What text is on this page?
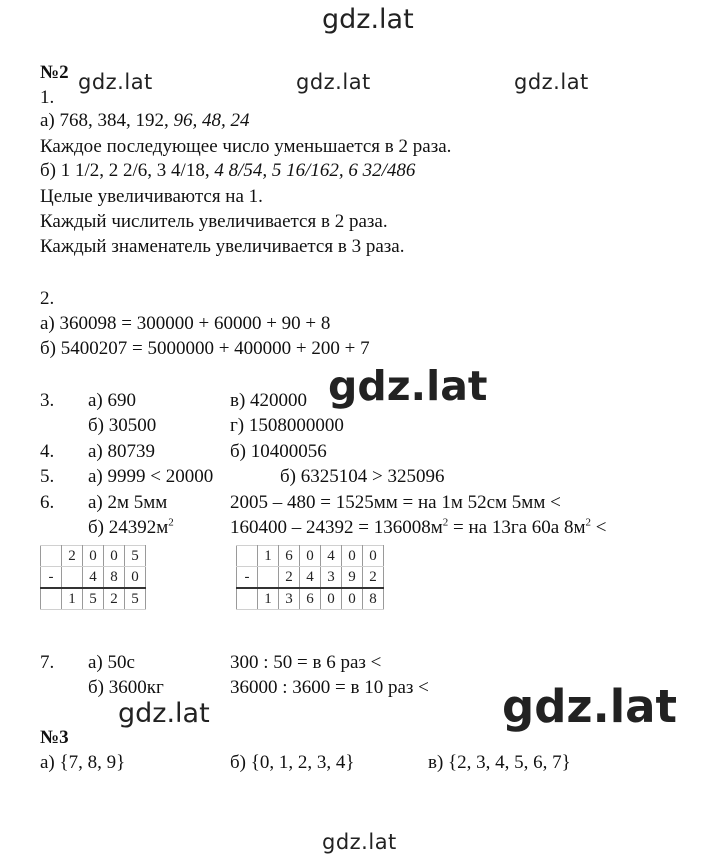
gdz.lat
gdz.lat	gdz.lat	gdz.lat
gdz.lat
gdz.lat
gdz.lat
gdz.lat
№2
1.
а) 768, 384, 192, 96, 48, 24
Каждое последующее число уменьшается в 2 раза.
б) 1 1/2, 2 2/6, 3 4/18, 4 8/54, 5 16/162, 6 32/486
Целые увеличиваются на 1.
Каждый числитель увеличивается в 2 раза.
Каждый знаменатель увеличивается в 3 раза.
2.
а) 360098 = 300000 + 60000 + 90 + 8
б) 5400207 = 5000000 + 400000 + 200 + 7
3. а) 690	в) 420000
б) 30500	г) 1508000000
4. а) 80739	б) 10400056
5. а) 9999 < 20000	б) 6325104 > 325096
6. а) 2м 5мм	2005 – 480 = 1525мм = на 1м 52см 5мм <
б) $24392м^2$	$160400 - 24392 = 136008м^2$ = на 13га 60а $8м^2$ <
	2	0	0	5
-		4	8	0
	1	5	2	5
	1	6	0	4	0	0
-		2	4	3	9	2
	1	3	6	0	0	8
7. а) 50с	300 : 50 = в 6 раз <
б) 3600кг	36000 : 3600 = в 10 раз <
№3
а) {7, 8, 9}	б) {0, 1, 2, 3, 4}	в) {2, 3, 4, 5, 6, 7}
